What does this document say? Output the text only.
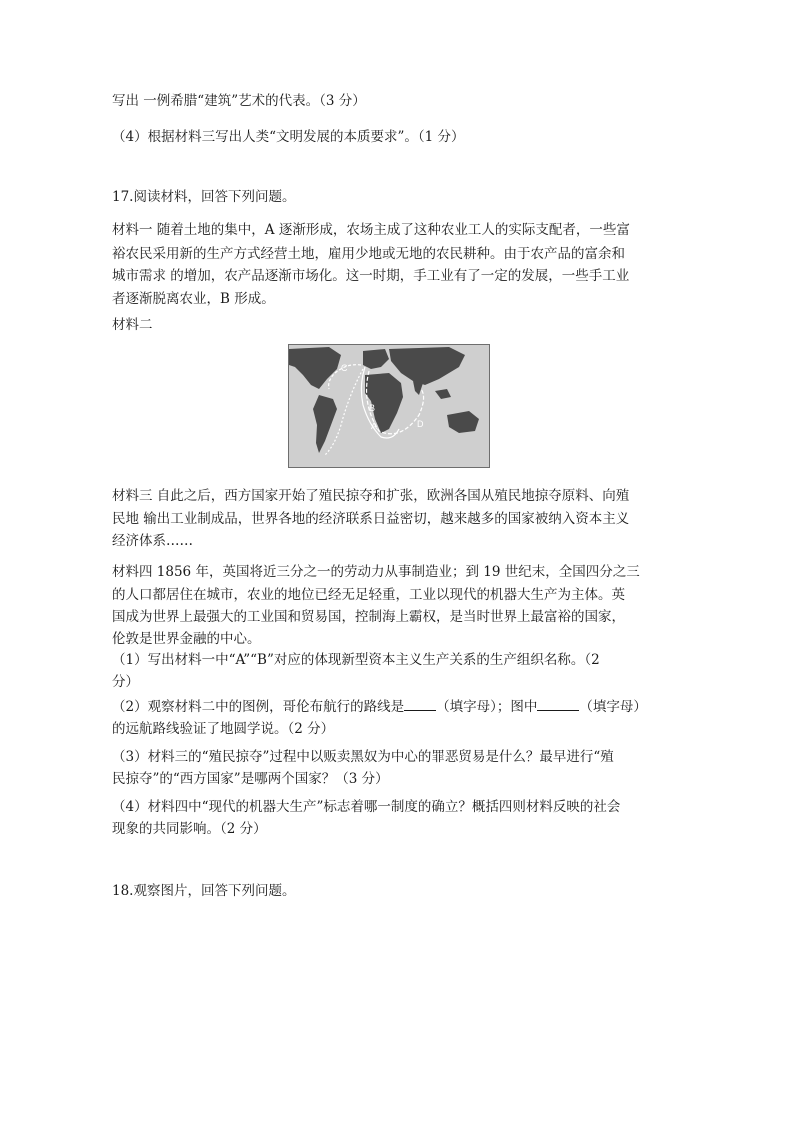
写出 一例希腊“建筑”艺术的代表。（3 分）

（4）根据材料三写出人类“文明发展的本质要求”。（1 分）

17.阅读材料，回答下列问题。

材料一 随着土地的集中，A 逐渐形成，农场主成了这种农业工人的实际支配者，一些富

裕农民采用新的生产方式经营土地，雇用少地或无地的农民耕种。由于农产品的富余和

城市需求 的增加，农产品逐渐市场化。这一时期，手工业有了一定的发展，一些手工业

者逐渐脱离农业，B 形成。

材料二

C
B
A	D

材料三 自此之后，西方国家开始了殖民掠夺和扩张，欧洲各国从殖民地掠夺原料、向殖

民地 输出工业制成品，世界各地的经济联系日益密切，越来越多的国家被纳入资本主义

经济体系……

材料四 1856 年，英国将近三分之一的劳动力从事制造业；到 19 世纪末，全国四分之三

的人口都居住在城市，农业的地位已经无足轻重，工业以现代的机器大生产为主体。英

国成为世界上最强大的工业国和贸易国，控制海上霸权，是当时世界上最富裕的国家，

伦敦是世界金融的中心。

（1）写出材料一中“A”“B”对应的体现新型资本主义生产关系的生产组织名称。（2

分）

（2）观察材料二中的图例，哥伦布航行的路线是 （填字母）；图中	（填字母）

的远航路线验证了地圆学说。（2 分）

（3）材料三的“殖民掠夺”过程中以贩卖黑奴为中心的罪恶贸易是什么？最早进行“殖

民掠夺”的“西方国家”是哪两个国家？（3 分）

（4）材料四中“现代的机器大生产”标志着哪一制度的确立？概括四则材料反映的社会

现象的共同影响。（2 分）

18.观察图片，回答下列问题。
